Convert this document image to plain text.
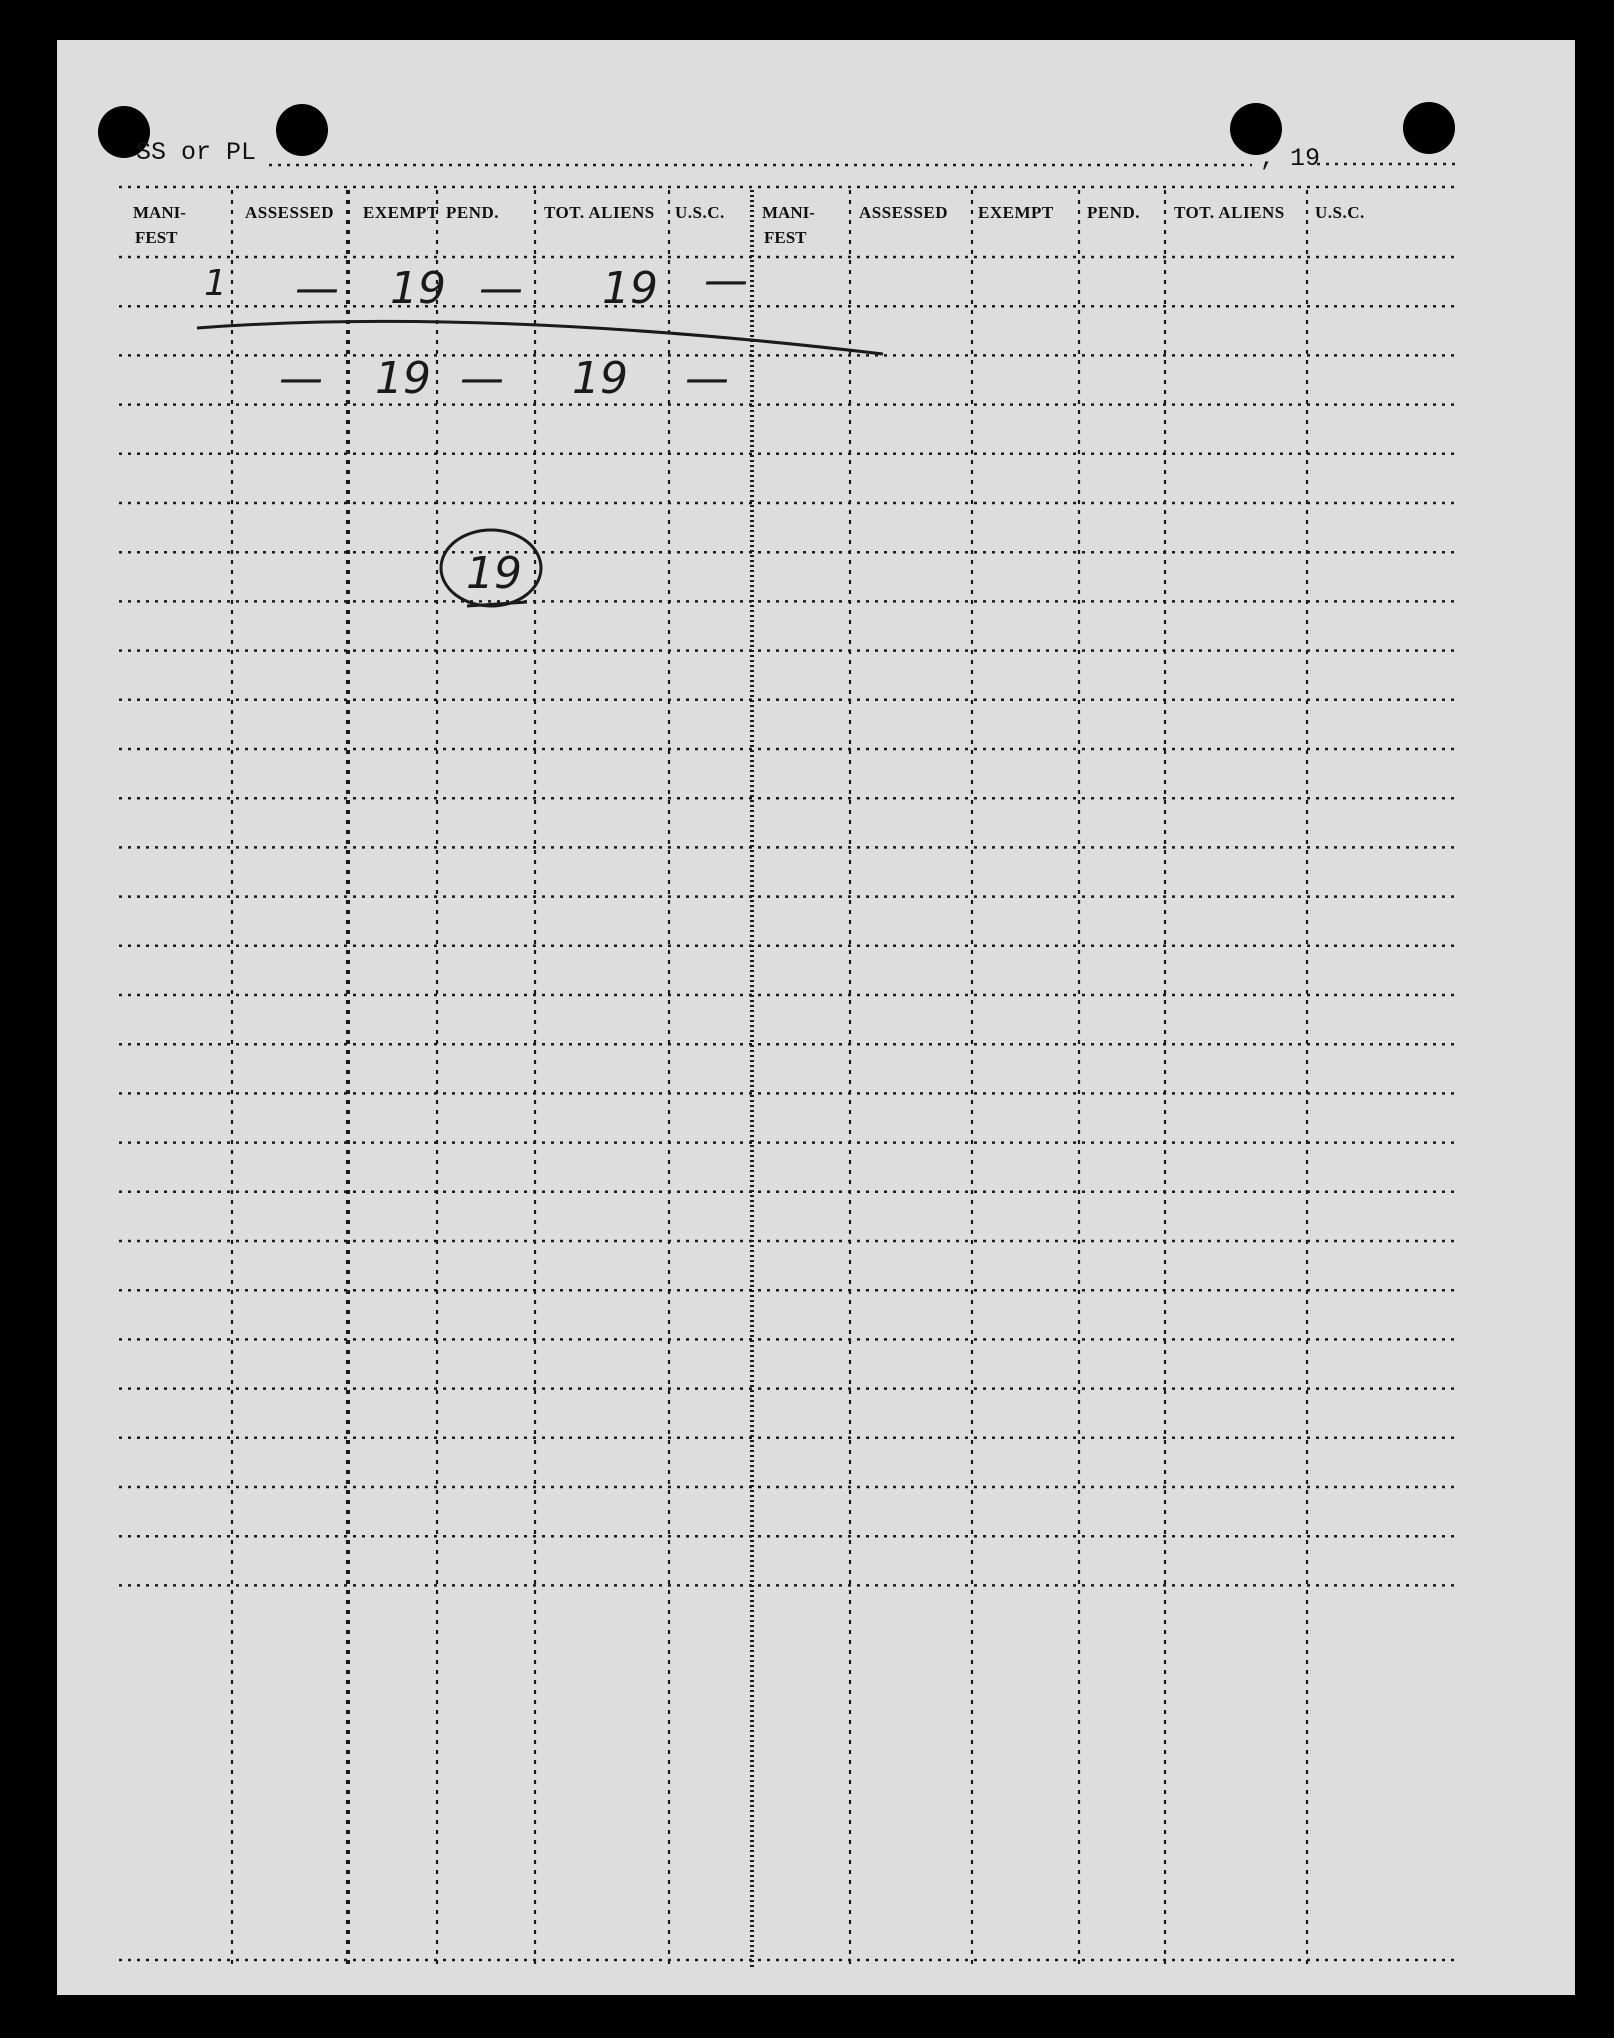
SS or PL	, 19
MANI-
FEST
ASSESSED EXEMPT PEND.	TOT. ALIENS U.S.C. MANI-
FEST
ASSESSED EXEMPT PEND. TOT. ALIENS U.S.C.
1 — 19 — 19 —
— 19 — 19 —
19
